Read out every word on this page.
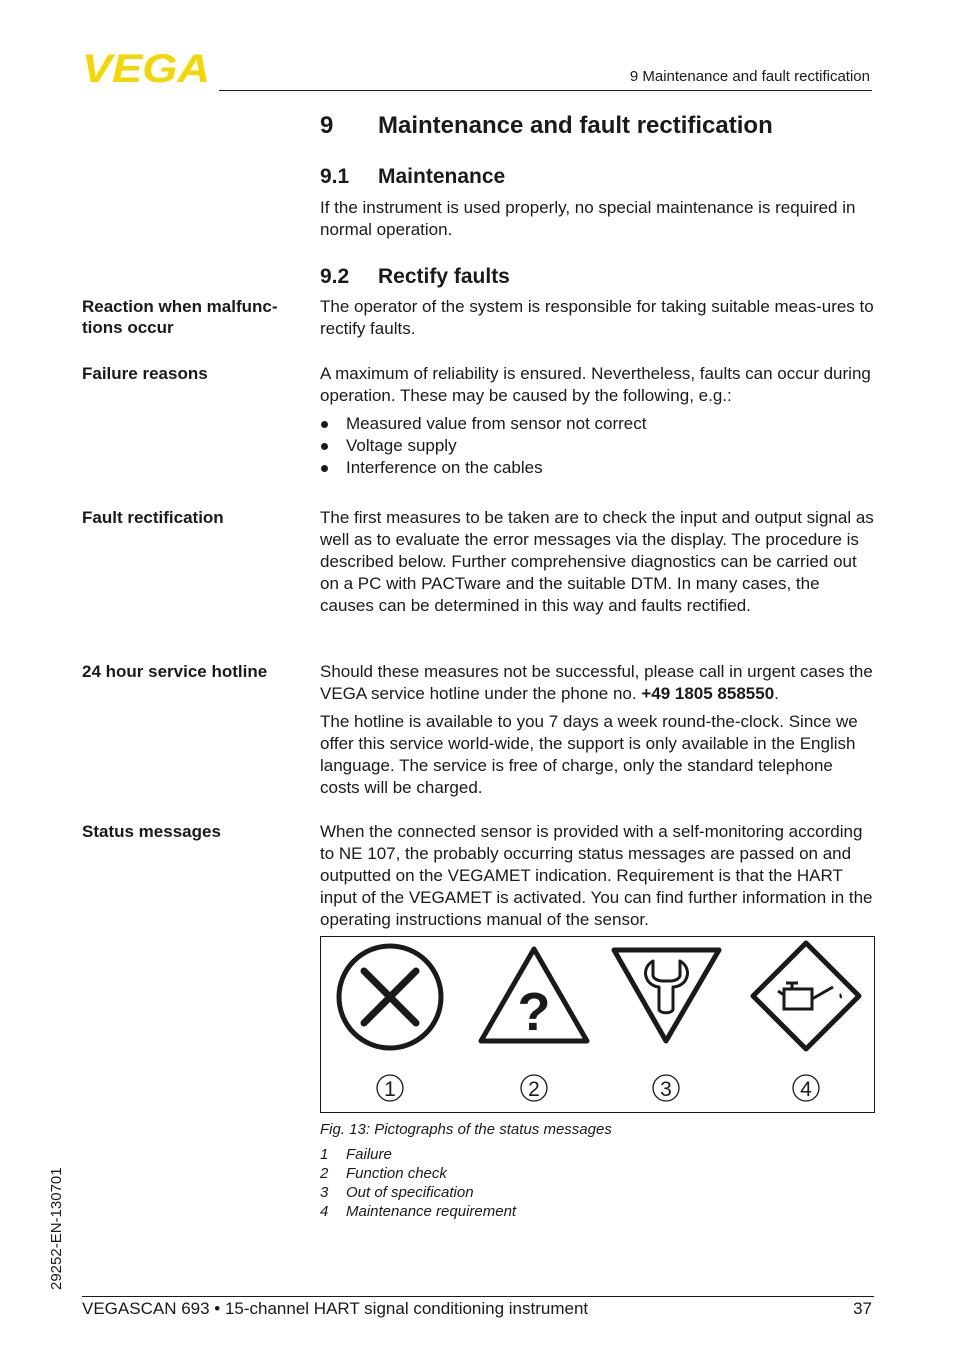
VEGA	9 Maintenance and fault rectification
9 Maintenance and fault rectification
9.1 Maintenance
If the instrument is used properly, no special maintenance is required in normal operation.
9.2 Rectify faults
Reaction when malfunc-tions occur
The operator of the system is responsible for taking suitable meas-ures to rectify faults.
Failure reasons	A maximum of reliability is ensured. Nevertheless, faults can occur during operation. These may be caused by the following, e.g.:
Measured value from sensor not correct
Voltage supply
Interference on the cables
Fault rectification	The first measures to be taken are to check the input and output signal as well as to evaluate the error messages via the display. The procedure is described below. Further comprehensive diagnostics can be carried out on a PC with PACTware and the suitable DTM. In many cases, the causes can be determined in this way and faults rectified.
24 hour service hotline	Should these measures not be successful, please call in urgent cases the VEGA service hotline under the phone no. +49 1805 858550.
The hotline is available to you 7 days a week round-the-clock. Since we offer this service world-wide, the support is only available in the English language. The service is free of charge, only the standard telephone costs will be charged.
Status messages	When the connected sensor is provided with a self-monitoring according to NE 107, the probably occurring status messages are passed on and outputted on the VEGAMET indication. Requirement is that the HART input of the VEGAMET is activated. You can find further information in the operating instructions manual of the sensor.
?
1	2	3	4
Fig. 13: Pictographs of the status messages
1 Failure
2 Function check
3 Out of specification
4 Maintenance requirement
29252-EN-130701
VEGASCAN 693 • 15-channel HART signal conditioning instrument	37
